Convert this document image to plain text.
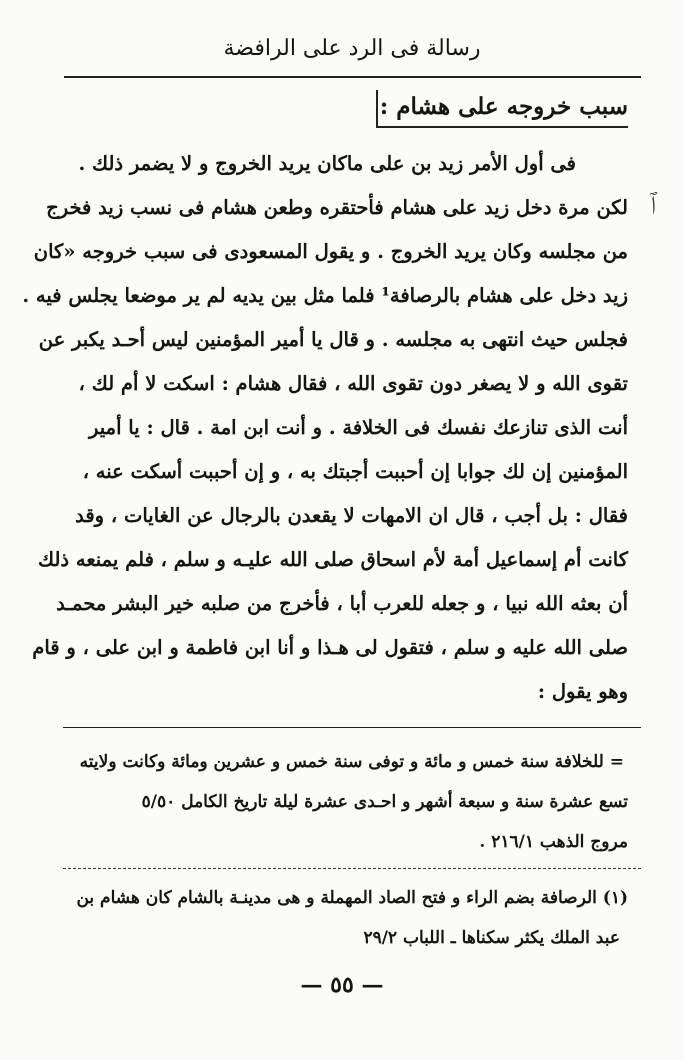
رسالة فى الرد على الرافضة
سبب خروجه على هشام :
ﭐ
فى أول الأمر زيد بن على ماكان يريد الخروج و لا يضمر ذلك .
لكن مرة دخل زيد على هشام فأحتقره وطعن هشام فى نسب زيد فخرج
من مجلسه وكان يريد الخروج . و يقول المسعودى فى سبب خروجه «كان
زيد دخل على هشام بالرصافة¹ فلما مثل بين يديه لم ير موضعا يجلس فيه .
فجلس حيث انتهى به مجلسه . و قال يا أمير المؤمنين ليس أحـد يكبر عن
تقوى الله و لا يصغر دون تقوى الله ، فقال هشام : اسكت لا أم لك ،
أنت الذى تنازعك نفسك فى الخلافة . و أنت ابن امة . قال : يا أمير
المؤمنين إن لك جوابا إن أحببت أجبتك به ، و إن أحببت أسكت عنه ،
فقال : بل أجب ، قال ان الامهات لا يقعدن بالرجال عن الغايات ، وقد
كانت أم إسماعيل أمة لأم اسحاق صلى الله عليـه و سلم ، فلم يمنعه ذلك
أن بعثه الله نبيا ، و جعله للعرب أبا ، فأخرج من صلبه خير البشر محمـد
صلى الله عليه و سلم ، فتقول لى هـذا و أنا ابن فاطمة و ابن على ، و قام
وهو يقول :
= للخلافة سنة خمس و مائة و توفى سنة خمس و عشرين ومائة وكانت ولايته
تسع عشرة سنة و سبعة أشهر و احـدى عشرة ليلة تاريخ الكامل ٥/٥٠
مروج الذهب ٢١٦/١ .
(١) الرصافة بضم الراء و فتح الصاد المهملة و هى مدينـة بالشام كان هشام بن
عبد الملك يكثر سكناها ـ اللباب ٢٩/٢
— ٥٥ —
